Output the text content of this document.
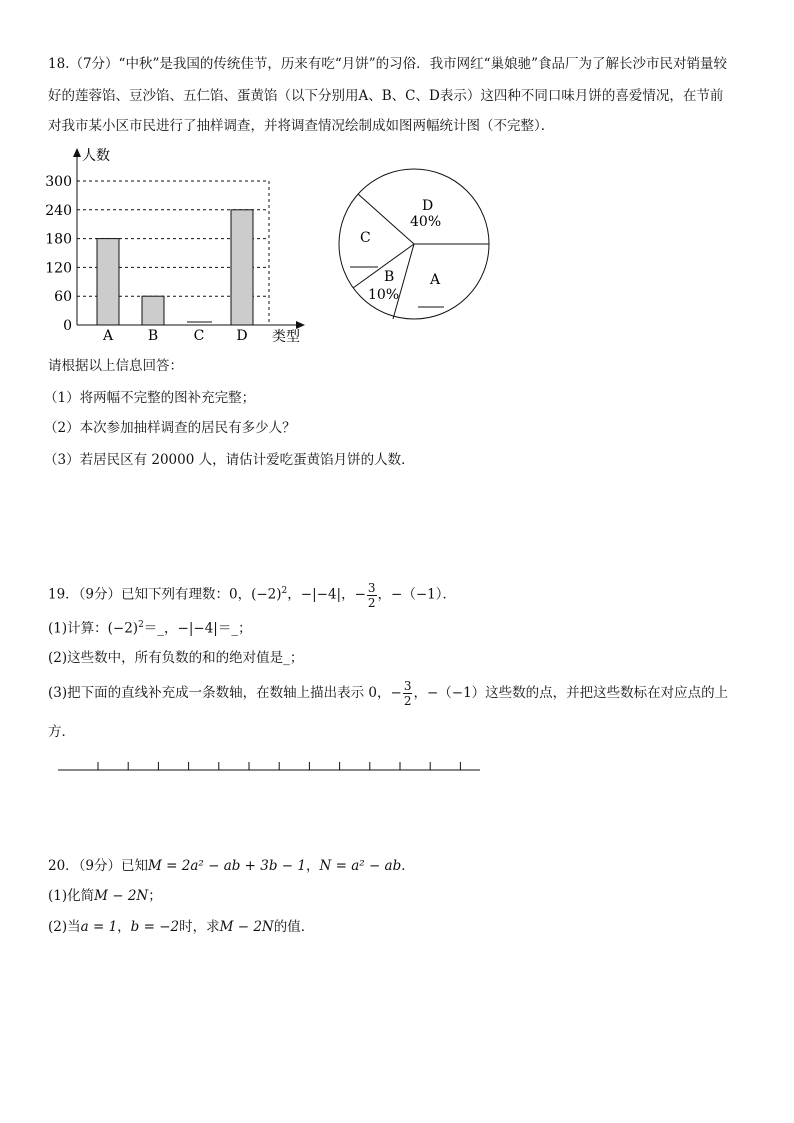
18.（7分）“中秋”是我国的传统佳节，历来有吃“月饼”的习俗．我市网红“巢娘驰”食品厂为了解长沙市民对销量较
好的莲蓉馅、豆沙馅、五仁馅、蛋黄馅（以下分别用A、B、C、D表示）这四种不同口味月饼的喜爱情况，在节前
对我市某小区市民进行了抽样调查，并将调查情况绘制成如图两幅统计图（不完整）．
0
60
120
180
240
300
A B	C D
人数
类型
D
40%
A
C
B
10%
请根据以上信息回答：
（1）将两幅不完整的图补充完整；
（2）本次参加抽样调查的居民有多少人？
（3）若居民区有 20000 人，请估计爱吃蛋黄馅月饼的人数．
19．（9分）已知下列有理数：0，$(-2)^2$，−|−4|，− $\frac{3}{2}$ ，−（−1）．
(1)计算：$(-2)^2=\_$，−|−4|＝_；
(2)这些数中，所有负数的和的绝对值是_；
(3)把下面的直线补充成一条数轴，在数轴上描出表示 0，− $\frac{3}{2}$ ，−（−1）这些数的点，并把这些数标在对应点的上
方．
20．（9分）已知M = 2a² − ab + 3b − 1，N = a² − ab．
(1)化简M − 2N；
(2)当a = 1，b = −2时，求M − 2N的值．
